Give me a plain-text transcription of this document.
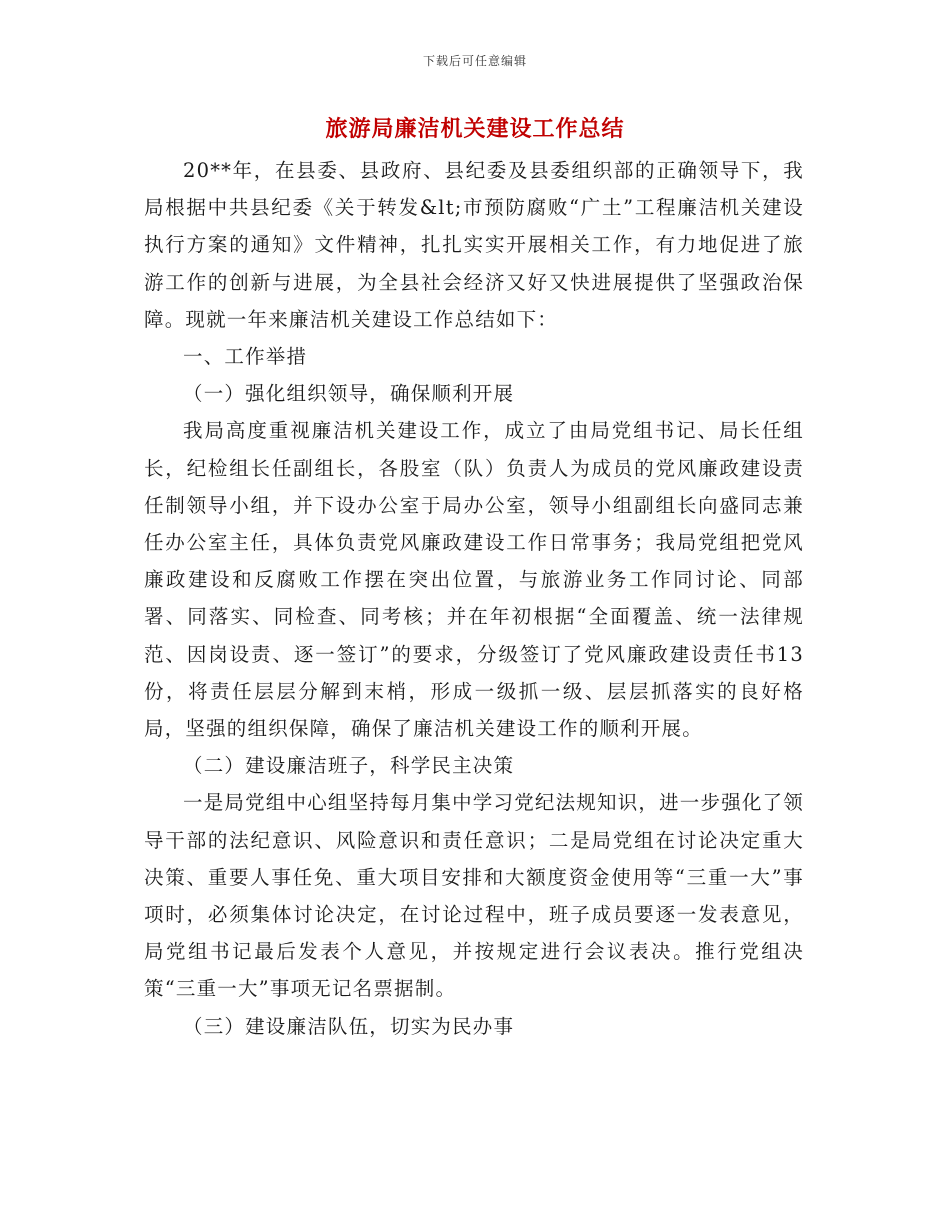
下载后可任意编辑
旅游局廉洁机关建设工作总结

20**年，在县委、县政府、县纪委及县委组织部的正确领导下，我局根据中共县纪委《关于转发&lt;市预防腐败“广土”工程廉洁机关建设执行方案的通知》文件精神，扎扎实实开展相关工作，有力地促进了旅游工作的创新与进展，为全县社会经济又好又快进展提供了坚强政治保障。现就一年来廉洁机关建设工作总结如下：

一、工作举措

（一）强化组织领导，确保顺利开展

我局高度重视廉洁机关建设工作，成立了由局党组书记、局长任组长，纪检组长任副组长，各股室（队）负责人为成员的党风廉政建设责任制领导小组，并下设办公室于局办公室，领导小组副组长向盛同志兼任办公室主任，具体负责党风廉政建设工作日常事务；我局党组把党风廉政建设和反腐败工作摆在突出位置，与旅游业务工作同讨论、同部署、同落实、同检查、同考核；并在年初根据“全面覆盖、统一法律规范、因岗设责、逐一签订”的要求，分级签订了党风廉政建设责任书13份，将责任层层分解到末梢，形成一级抓一级、层层抓落实的良好格局，坚强的组织保障，确保了廉洁机关建设工作的顺利开展。

（二）建设廉洁班子，科学民主决策

一是局党组中心组坚持每月集中学习党纪法规知识，进一步强化了领导干部的法纪意识、风险意识和责任意识；二是局党组在讨论决定重大决策、重要人事任免、重大项目安排和大额度资金使用等“三重一大”事项时，必须集体讨论决定，在讨论过程中，班子成员要逐一发表意见，局党组书记最后发表个人意见，并按规定进行会议表决。推行党组决策“三重一大”事项无记名票据制。

（三）建设廉洁队伍，切实为民办事
